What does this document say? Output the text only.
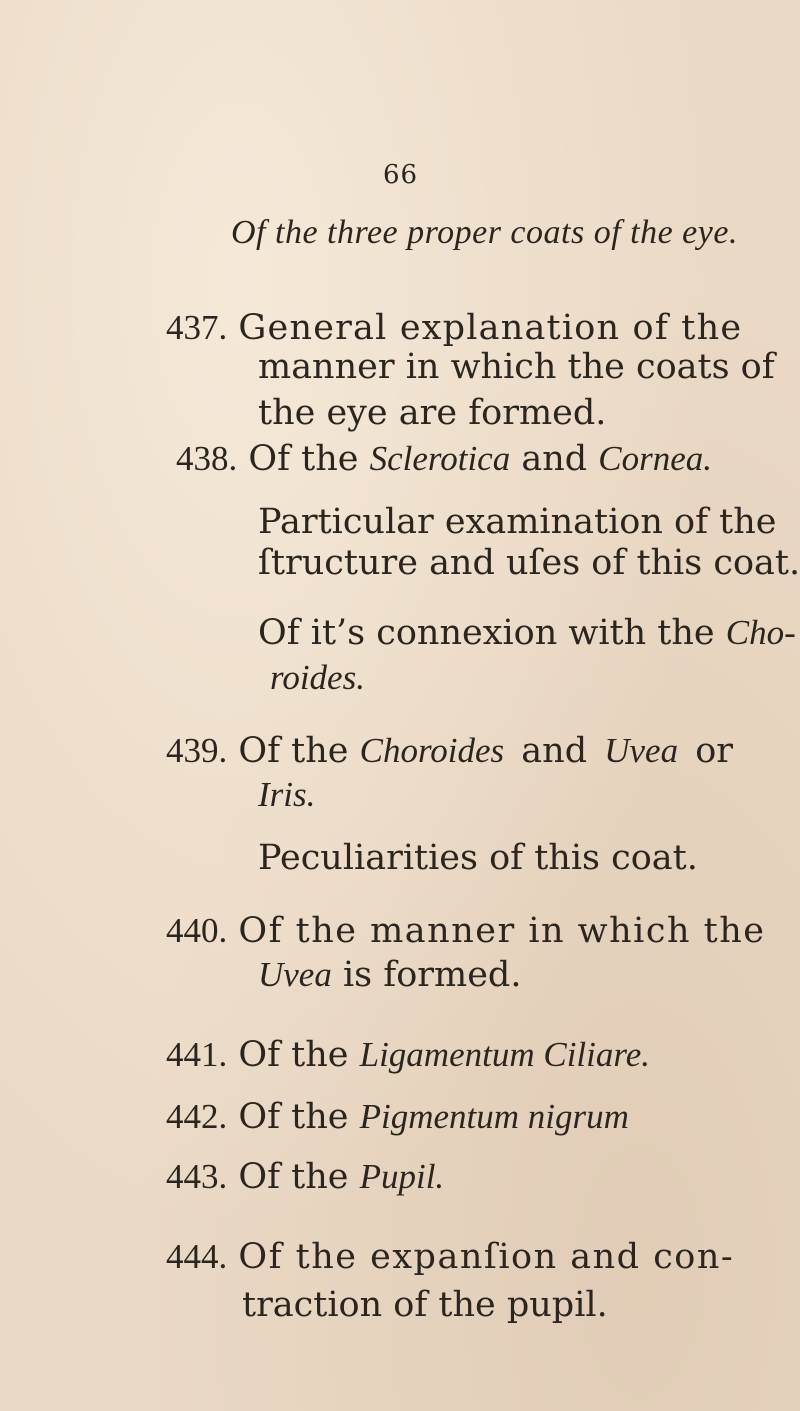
66
Of the three proper coats of the eye.
437. General explanation of the
manner in which the coats of
the eye are formed.
438. Of the Sclerotica and Cornea.
Particular examination of the
ſtructure and uſes of this coat.
Of it’s connexion with the Cho-
roides.
439. Of the Choroides and Uvea or
Iris.
Peculiarities of this coat.
440. Of the manner in which the
Uvea is formed.
441. Of the Ligamentum Ciliare.
442. Of the Pigmentum nigrum
443. Of the Pupil.
444. Of the expanſion and con-
traction of the pupil.
